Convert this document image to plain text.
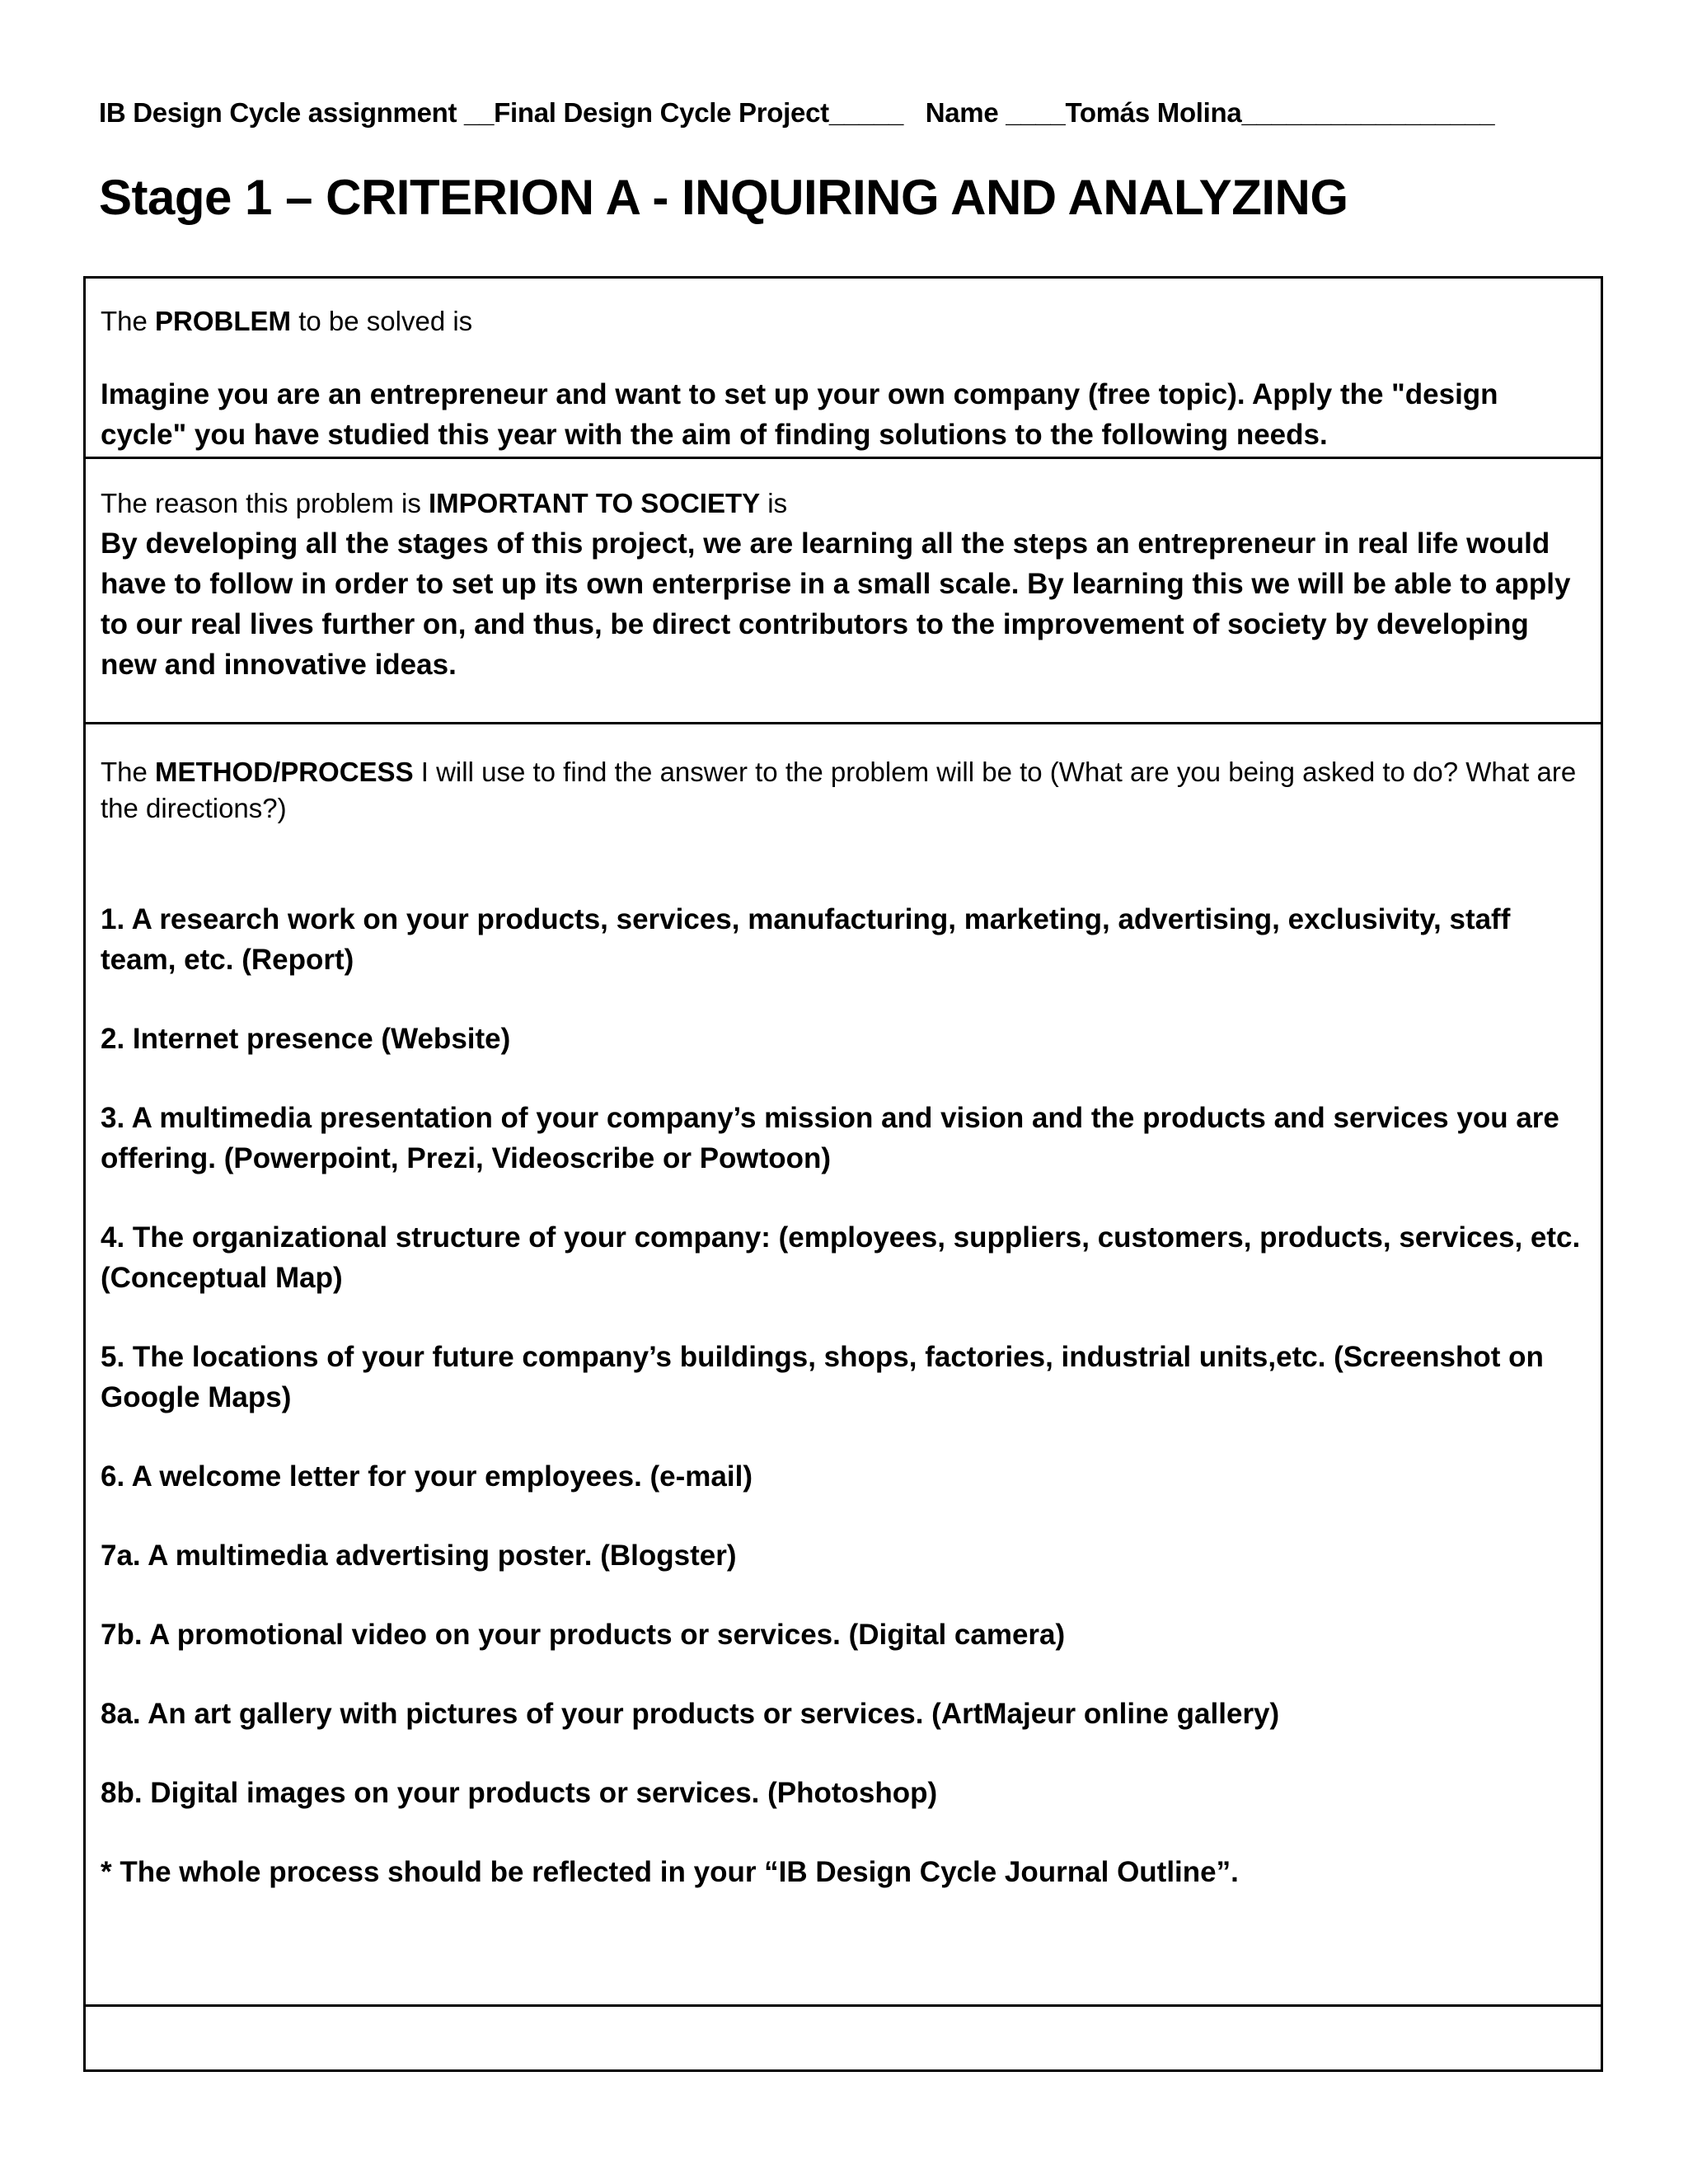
IB Design Cycle assignment __Final Design Cycle Project_____ Name ____Tomás Molina_________________
Stage 1 – CRITERION A - INQUIRING AND ANALYZING
The PROBLEM to be solved is
Imagine you are an entrepreneur and want to set up your own company (free topic). Apply the "design cycle" you have studied this year with the aim of finding solutions to the following needs.
The reason this problem is IMPORTANT TO SOCIETY is
By developing all the stages of this project, we are learning all the steps an entrepreneur in real life would have to follow in order to set up its own enterprise in a small scale. By learning this we will be able to apply to our real lives further on, and thus, be direct contributors to the improvement of society by developing new and innovative ideas.
The METHOD/PROCESS I will use to find the answer to the problem will be to (What are you being asked to do? What are the directions?)
1. A research work on your products, services, manufacturing, marketing, advertising, exclusivity, staff team, etc. (Report)
2. Internet presence (Website)
3. A multimedia presentation of your company’s mission and vision and the products and services you are offering. (Powerpoint, Prezi, Videoscribe or Powtoon)
4. The organizational structure of your company: (employees, suppliers, customers, products, services, etc. (Conceptual Map)
5. The locations of your future company’s buildings, shops, factories, industrial units,etc. (Screenshot on Google Maps)
6. A welcome letter for your employees. (e-mail)
7a. A multimedia advertising poster. (Blogster)
7b. A promotional video on your products or services. (Digital camera)
8a. An art gallery with pictures of your products or services. (ArtMajeur online gallery)
8b. Digital images on your products or services. (Photoshop)
* The whole process should be reflected in your “IB Design Cycle Journal Outline”.
